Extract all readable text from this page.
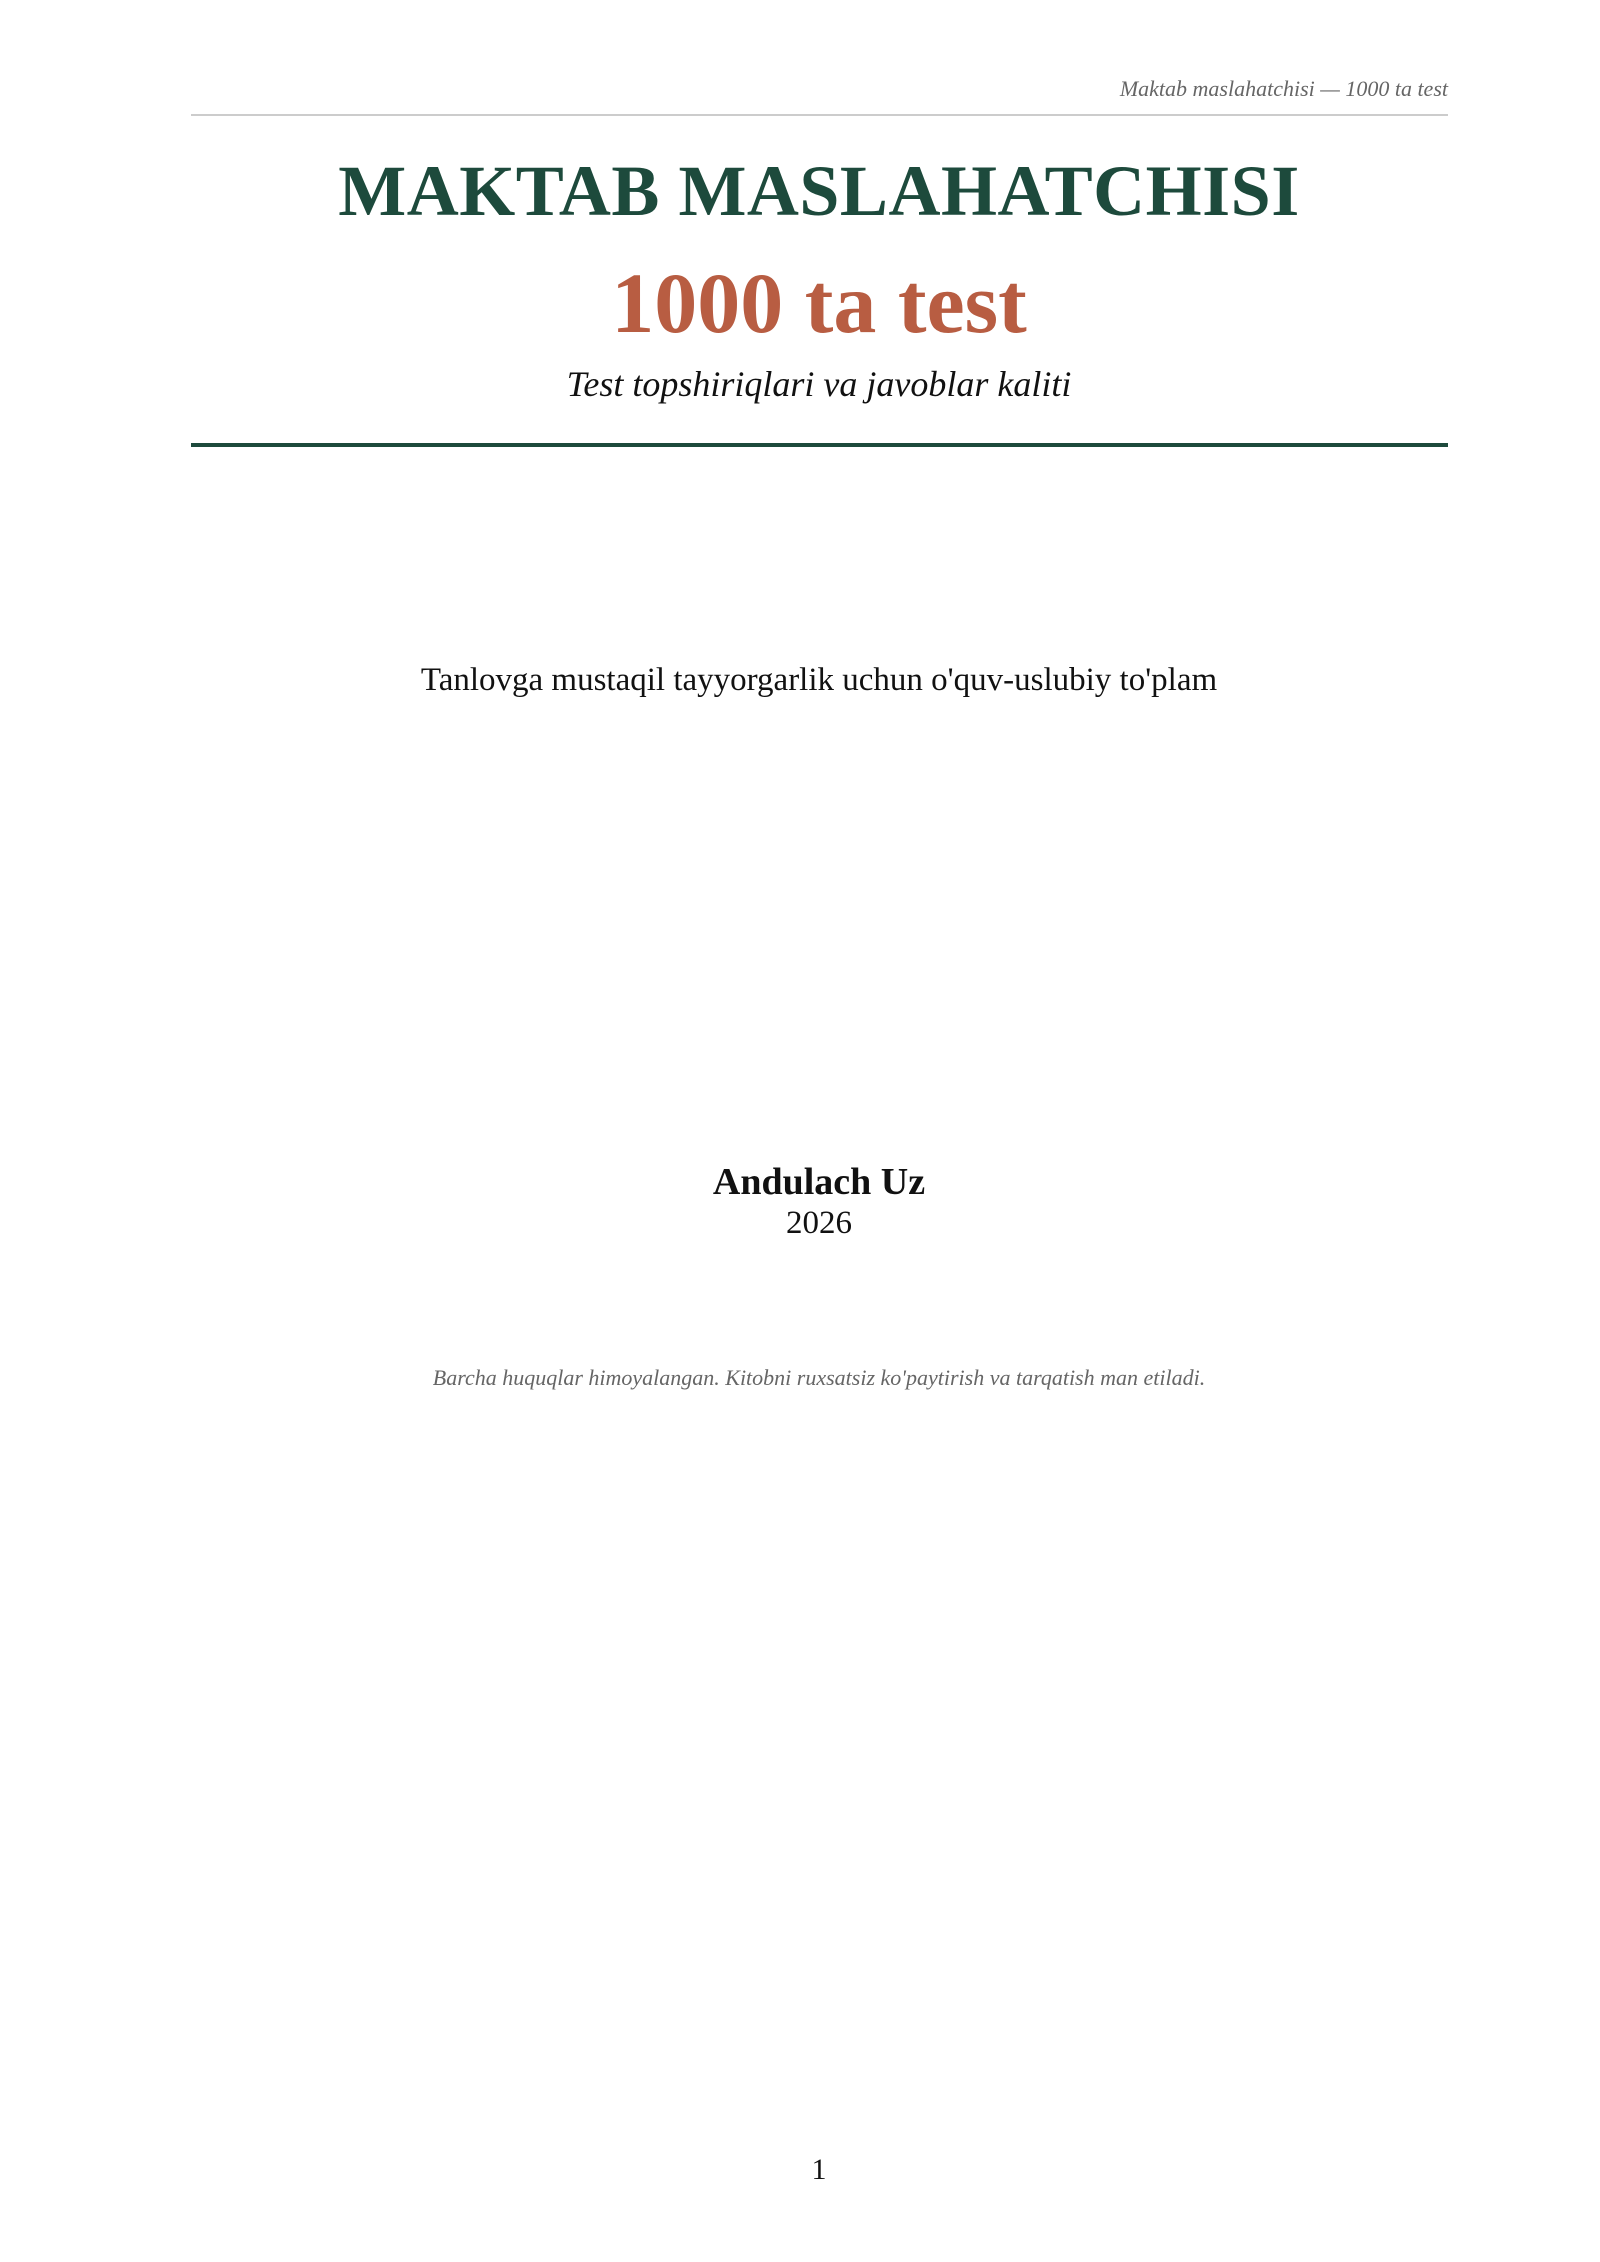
Maktab maslahatchisi — 1000 ta test
MAKTAB MASLAHATCHISI
1000 ta test
Test topshiriqlari va javoblar kaliti
Tanlovga mustaqil tayyorgarlik uchun o'quv-uslubiy to'plam
Andulach Uz
2026
Barcha huquqlar himoyalangan. Kitobni ruxsatsiz ko'paytirish va tarqatish man etiladi.
1
